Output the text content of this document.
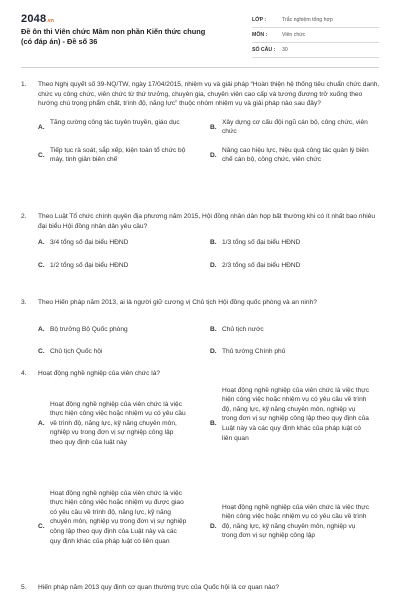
2048.vn
Đề ôn thi Viên chức Mầm non phần Kiến thức chung (có đáp án) - Đề số 36
LỚP :	Trắc nghiệm tổng hợp
MÔN :	Viên chức
SỐ CÂU : 30
1. Theo Nghị quyết số 39-NQ/TW, ngày 17/04/2015, nhiệm vụ và giải pháp “Hoàn thiện hệ thống tiêu chuẩn chức danh, chức vụ công chức, viên chức từ thứ trưởng, chuyên gia, chuyên viên cao cấp và tương đương trở xuống theo hướng chú trọng phẩm chất, trình độ, năng lực” thuộc nhóm nhiệm vụ và giải pháp nào sau đây?
A.
Tăng cường công tác tuyên truyền, giáo dục
B.
Xây dựng cơ cấu đội ngũ cán bộ, công chức, viên chức
C.
Tiếp tục rà soát, sắp xếp, kiện toàn tổ chức bộ máy, tinh giản biên chế
D.
Nâng cao hiệu lực, hiệu quả công tác quản lý biên chế cán bộ, công chức, viên chức
2. Theo Luật Tổ chức chính quyền địa phương năm 2015, Hội đồng nhân dân họp bất thường khi có ít nhất bao nhiêu đại biểu Hội đồng nhân dân yêu cầu?
A. 3/4 tổng số đại biểu HĐND	B. 1/3 tổng số đại biểu HĐND
C. 1/2 tổng số đại biểu HĐND	D. 2/3 tổng số đại biểu HĐND
3. Theo Hiến pháp năm 2013, ai là người giữ cương vị Chủ tịch Hội đồng quốc phòng và an ninh?
A. Bộ trưởng Bộ Quốc phòng	B. Chủ tịch nước
C. Chủ tịch Quốc hội	D. Thủ tướng Chính phủ
4. Hoạt động nghề nghiệp của viên chức là?
A.
Hoạt động nghề nghiệp của viên chức là việc thực hiện công việc hoặc nhiệm vụ có yêu cầu về trình độ, năng lực, kỹ năng chuyên môn, nghiệp vụ trong đơn vị sự nghiệp công lập theo quy định của luật này
B.
Hoạt động nghề nghiệp của viên chức là việc thực hiện công việc hoặc nhiệm vụ có yêu cầu về trình độ, năng lực, kỹ năng chuyên môn, nghiệp vụ trong đơn vị sự nghiệp công lập theo quy định của Luật này và các quy định khác của pháp luật có liên quan
C.
Hoạt động nghề nghiệp của viên chức là việc thực hiện công việc hoặc nhiệm vụ được giao có yêu cầu về trình độ, năng lực, kỹ năng chuyên môn, nghiệp vụ trong đơn vị sự nghiệp công lập theo quy định của Luật này và các quy định khác của pháp luật có liên quan
D.
Hoạt động nghề nghiệp của viên chức là việc thực hiện công việc hoặc nhiệm vụ có yêu cầu về trình độ, năng lực, kỹ năng chuyên môn, nghiệp vụ trong đơn vị sự nghiệp công lập
5. Hiến pháp năm 2013 quy định cơ quan thường trực của Quốc hội là cơ quan nào?
